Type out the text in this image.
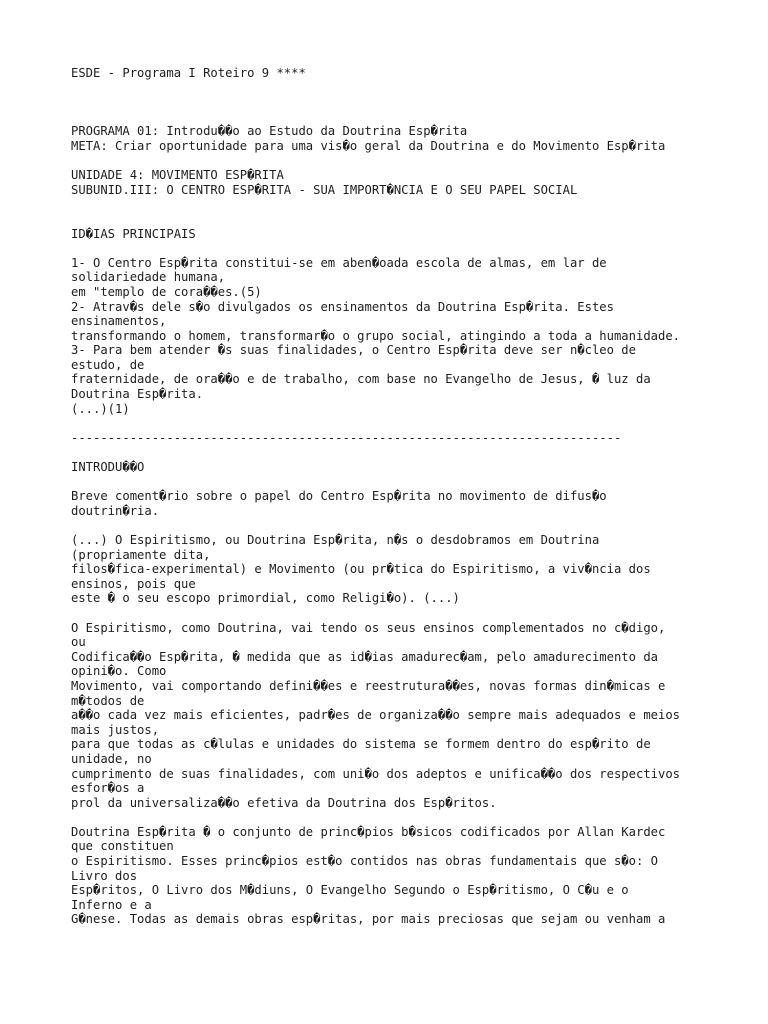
ESDE - Programa I Roteiro 9 ****
PROGRAMA 01: Introdu��o ao Estudo da Doutrina Esp�rita
META: Criar oportunidade para uma vis�o geral da Doutrina e do Movimento Esp�rita
UNIDADE 4: MOVIMENTO ESP�RITA
SUBUNID.III: O CENTRO ESP�RITA - SUA IMPORT�NCIA E O SEU PAPEL SOCIAL
ID�IAS PRINCIPAIS
1- O Centro Esp�rita constitui-se em aben�oada escola de almas, em lar de
solidariedade humana,
em "templo de cora��es.(5)
2- Atrav�s dele s�o divulgados os ensinamentos da Doutrina Esp�rita. Estes
ensinamentos,
transformando o homem, transformar�o o grupo social, atingindo a toda a humanidade.
3- Para bem atender �s suas finalidades, o Centro Esp�rita deve ser n�cleo de
estudo, de
fraternidade, de ora��o e de trabalho, com base no Evangelho de Jesus, � luz da
Doutrina Esp�rita.
(...)(1)
---------------------------------------------------------------------------
INTRODU��O
Breve coment�rio sobre o papel do Centro Esp�rita no movimento de difus�o
doutrin�ria.
(...) O Espiritismo, ou Doutrina Esp�rita, n�s o desdobramos em Doutrina
(propriamente dita,
filos�fica-experimental) e Movimento (ou pr�tica do Espiritismo, a viv�ncia dos
ensinos, pois que
este � o seu escopo primordial, como Religi�o). (...)
O Espiritismo, como Doutrina, vai tendo os seus ensinos complementados no c�digo,
ou
Codifica��o Esp�rita, � medida que as id�ias amadurec�am, pelo amadurecimento da
opini�o. Como
Movimento, vai comportando defini��es e reestrutura��es, novas formas din�micas e
m�todos de
a��o cada vez mais eficientes, padr�es de organiza��o sempre mais adequados e meios
mais justos,
para que todas as c�lulas e unidades do sistema se formem dentro do esp�rito de
unidade, no
cumprimento de suas finalidades, com uni�o dos adeptos e unifica��o dos respectivos
esfor�os a
prol da universaliza��o efetiva da Doutrina dos Esp�ritos.
Doutrina Esp�rita � o conjunto de princ�pios b�sicos codificados por Allan Kardec
que constituen
o Espiritismo. Esses princ�pios est�o contidos nas obras fundamentais que s�o: O
Livro dos
Esp�ritos, O Livro dos M�diuns, O Evangelho Segundo o Esp�ritismo, O C�u e o
Inferno e a
G�nese. Todas as demais obras esp�ritas, por mais preciosas que sejam ou venham a
